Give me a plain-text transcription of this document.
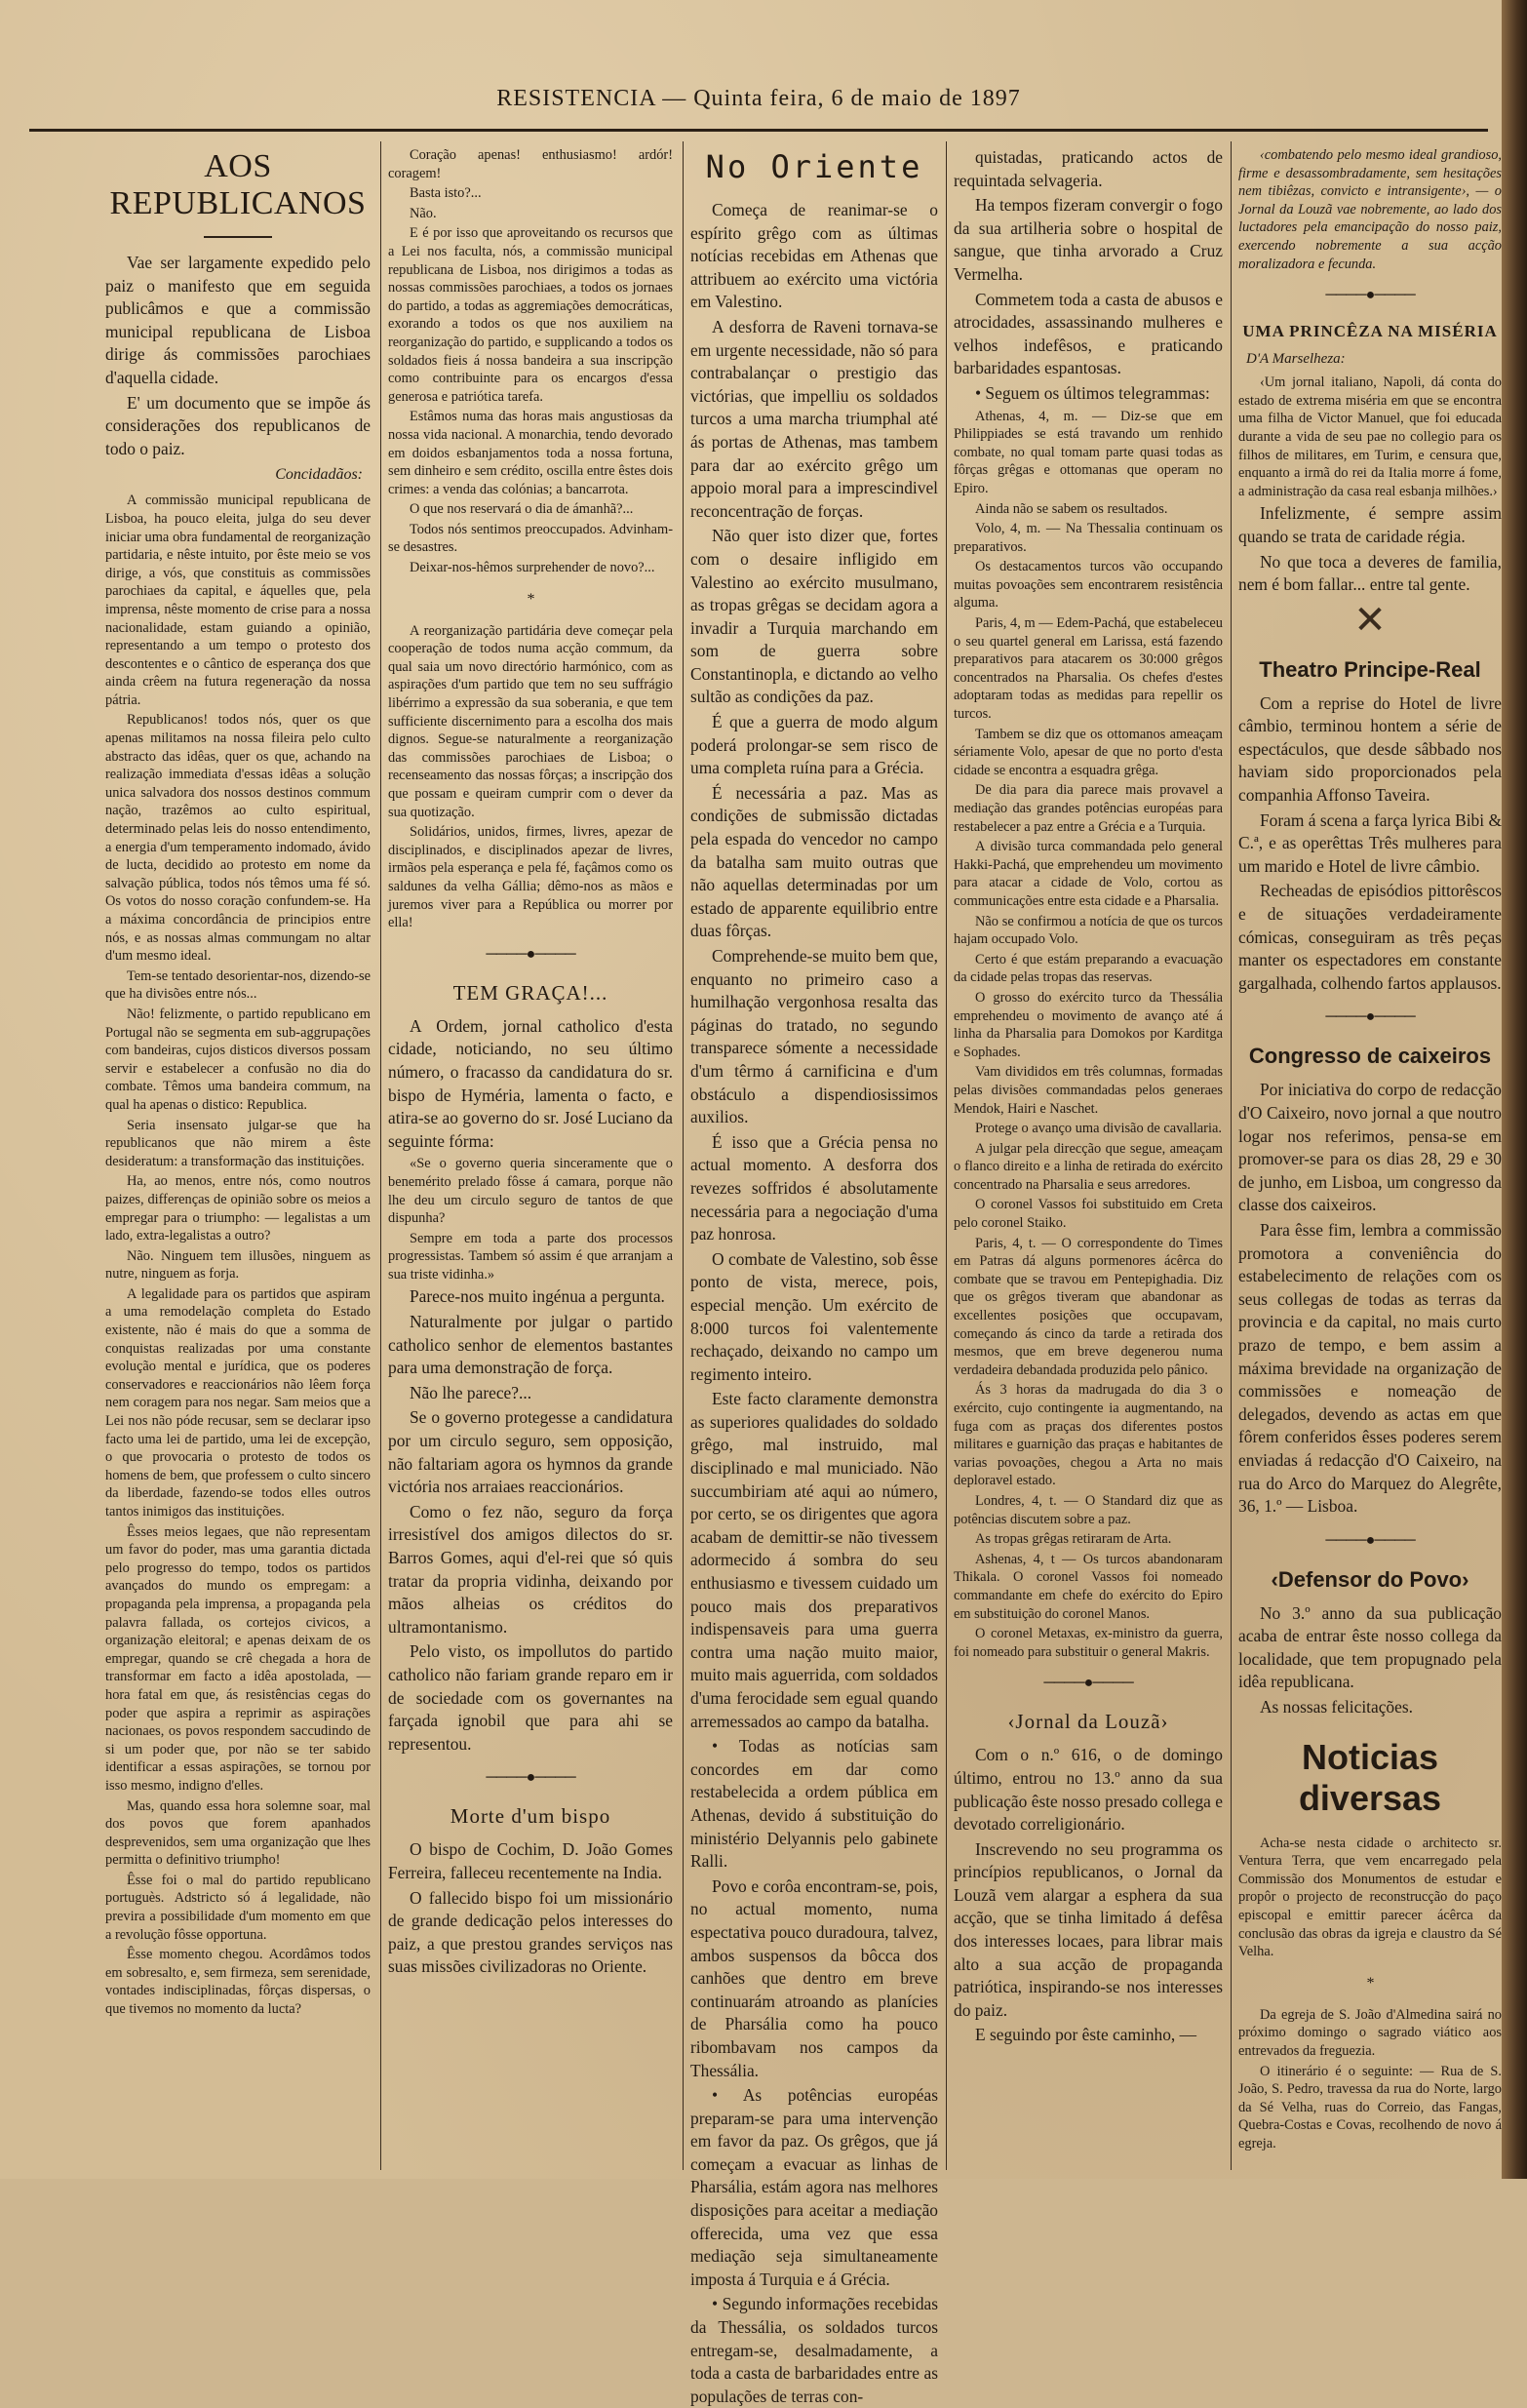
RESISTENCIA — Quinta feira, 6 de maio de 1897
AOS REPUBLICANOS

Vae ser largamente expedido pelo paiz o manifesto que em seguida publicâmos e que a commissão municipal republicana de Lisboa dirige ás commissões parochiaes d'aquella cidade.

E' um documento que se impõe ás considerações dos republicanos de todo o paiz.

Concidadãos:

A commissão municipal republicana de Lisboa, ha pouco eleita, julga do seu dever iniciar uma obra fundamental de reorganização partidaria, e nêste intuito, por êste meio se vos dirige, a vós, que constituis as commissões parochiaes da capital, e áquelles que, pela imprensa, nêste momento de crise para a nossa nacionalidade, estam guiando a opinião, representando a um tempo o protesto dos descontentes e o cântico de esperança dos que ainda crêem na futura regeneração da nossa pátria.

Republicanos! todos nós, quer os que apenas militamos na nossa fileira pelo culto abstracto das idêas, quer os que, achando na realização immediata d'essas idêas a solução unica salvadora dos nossos destinos commum nação, trazêmos ao culto espiritual, determinado pelas leis do nosso entendimento, a energia d'um temperamento indomado, ávido de lucta, decidido ao protesto em nome da salvação pública, todos nós têmos uma fé só. Os votos do nosso coração confundem-se. Ha a máxima concordância de principios entre nós, e as nossas almas commungam no altar d'um mesmo ideal.

Tem-se tentado desorientar-nos, dizendo-se que ha divisões entre nós...

Não! felizmente, o partido republicano em Portugal não se segmenta em sub-aggrupações com bandeiras, cujos disticos diversos possam servir e estabelecer a confusão no dia do combate. Têmos uma bandeira commum, na qual ha apenas o distico: Republica.

Seria insensato julgar-se que ha republicanos que não mirem a êste desideratum: a transformação das instituições.

Ha, ao menos, entre nós, como noutros paizes, differenças de opinião sobre os meios a empregar para o triumpho: — legalistas a um lado, extra-legalistas a outro?

Não. Ninguem tem illusões, ninguem as nutre, ninguem as forja.

A legalidade para os partidos que aspiram a uma remodelação completa do Estado existente, não é mais do que a somma de conquistas realizadas por uma constante evolução mental e jurídica, que os poderes conservadores e reaccionários não lêem força nem coragem para nos negar. Sam meios que a Lei nos não póde recusar, sem se declarar ipso facto uma lei de partido, uma lei de excepção, o que provocaria o protesto de todos os homens de bem, que professem o culto sincero da liberdade, fazendo-se todos elles outros tantos inimigos das instituições.

Êsses meios legaes, que não representam um favor do poder, mas uma garantia dictada pelo progresso do tempo, todos os partidos avançados do mundo os empregam: a propaganda pela imprensa, a propaganda pela palavra fallada, os cortejos civicos, a organização eleitoral; e apenas deixam de os empregar, quando se crê chegada a hora de transformar em facto a idêa apostolada, — hora fatal em que, ás resistências cegas do poder que aspira a reprimir as aspirações nacionaes, os povos respondem saccudindo de si um poder que, por não se ter sabido identificar a essas aspirações, se tornou por isso mesmo, indigno d'elles.

Mas, quando essa hora solemne soar, mal dos povos que forem apanhados desprevenidos, sem uma organização que lhes permitta o definitivo triumpho!

Êsse foi o mal do partido republicano portuguès. Adstricto só á legalidade, não previra a possibilidade d'um momento em que a revolução fôsse opportuna.

Êsse momento chegou. Acordâmos todos em sobresalto, e, sem firmeza, sem serenidade, vontades indisciplinadas, fôrças dispersas, o que tivemos no momento da lucta?

Coração apenas! enthusiasmo! ardór! coragem!

Basta isto?...

Não.

E é por isso que aproveitando os recursos que a Lei nos faculta, nós, a commissão municipal republicana de Lisboa, nos dirigimos a todas as nossas commissões parochiaes, a todos os jornaes do partido, a todas as aggremiações democráticas, exorando a todos os que nos auxiliem na reorganização do partido, e supplicando a todos os soldados fieis á nossa bandeira a sua inscripção como contribuinte para os encargos d'essa generosa e patriótica tarefa.

Estâmos numa das horas mais angustiosas da nossa vida nacional. A monarchia, tendo devorado em doidos esbanjamentos toda a nossa fortuna, sem dinheiro e sem crédito, oscilla entre êstes dois crimes: a venda das colónias; a bancarrota.

O que nos reservará o dia de ámanhã?...

Todos nós sentimos preoccupados. Advinham-se desastres.

Deixar-nos-hêmos surprehender de novo?...

*

A reorganização partidária deve começar pela cooperação de todos numa acção commum, da qual saia um novo directório harmónico, com as aspirações d'um partido que tem no seu suffrágio libérrimo a expressão da sua soberania, e que tem sufficiente discernimento para a escolha dos mais dignos. Segue-se naturalmente a reorganização das commissões parochiaes de Lisboa; o recenseamento das nossas fôrças; a inscripção dos que possam e queiram cumprir com o dever da sua quotização.

Solidários, unidos, firmes, livres, apezar de disciplinados, e disciplinados apezar de livres, irmãos pela esperança e pela fé, façâmos como os saldunes da velha Gállia; dêmo-nos as mãos e juremos viver para a República ou morrer por ella!

────●────
TEM GRAÇA!...

A Ordem, jornal catholico d'esta cidade, noticiando, no seu último número, o fracasso da candidatura do sr. bispo de Hyméria, lamenta o facto, e atira-se ao governo do sr. José Luciano da seguinte fórma:

«Se o governo queria sinceramente que o benemérito prelado fôsse á camara, porque não lhe deu um circulo seguro de tantos de que dispunha?

Sempre em toda a parte dos processos progressistas. Tambem só assim é que arranjam a sua triste vidinha.»

Parece-nos muito ingénua a pergunta.

Naturalmente por julgar o partido catholico senhor de elementos bastantes para uma demonstração de força.

Não lhe parece?...

Se o governo protegesse a candidatura por um circulo seguro, sem opposição, não faltariam agora os hymnos da grande victória nos arraiaes reaccionários.

Como o fez não, seguro da força irresistível dos amigos dilectos do sr. Barros Gomes, aqui d'el-rei que só quis tratar da propria vidinha, deixando por mãos alheias os créditos do ultramontanismo.

Pelo visto, os impollutos do partido catholico não fariam grande reparo em ir de sociedade com os governantes na farçada ignobil que para ahi se representou.

────●────
Morte d'um bispo

O bispo de Cochim, D. João Gomes Ferreira, falleceu recentemente na India.

O fallecido bispo foi um missionário de grande dedicação pelos interesses do paiz, a que prestou grandes serviços nas suas missões civilizadoras no Oriente.

No Oriente

Começa de reanimar-se o espírito grêgo com as últimas notícias recebidas em Athenas que attribuem ao exército uma victória em Valestino.

A desforra de Raveni tornava-se em urgente necessidade, não só para contrabalançar o prestigio das victórias, que impelliu os soldados turcos a uma marcha triumphal até ás portas de Athenas, mas tambem para dar ao exército grêgo um appoio moral para a imprescindivel reconcentração de forças.

Não quer isto dizer que, fortes com o desaire infligido em Valestino ao exército musulmano, as tropas grêgas se decidam agora a invadir a Turquia marchando em som de guerra sobre Constantinopla, e dictando ao velho sultão as condições da paz.

É que a guerra de modo algum poderá prolongar-se sem risco de uma completa ruína para a Grécia.

É necessária a paz. Mas as condições de submissão dictadas pela espada do vencedor no campo da batalha sam muito outras que não aquellas determinadas por um estado de apparente equilibrio entre duas fôrças.

Comprehende-se muito bem que, enquanto no primeiro caso a humilhação vergonhosa resalta das páginas do tratado, no segundo transparece sómente a necessidade d'um têrmo á carnificina e d'um obstáculo a dispendiosissimos auxilios.

É isso que a Grécia pensa no actual momento. A desforra dos revezes soffridos é absolutamente necessária para a negociação d'uma paz honrosa.

O combate de Valestino, sob êsse ponto de vista, merece, pois, especial menção. Um exército de 8:000 turcos foi valentemente rechaçado, deixando no campo um regimento inteiro.

Este facto claramente demonstra as superiores qualidades do soldado grêgo, mal instruido, mal disciplinado e mal municiado. Não succumbiriam até aqui ao número, por certo, se os dirigentes que agora acabam de demittir-se não tivessem adormecido á sombra do seu enthusiasmo e tivessem cuidado um pouco mais dos preparativos indispensaveis para uma guerra contra uma nação muito maior, muito mais aguerrida, com soldados d'uma ferocidade sem egual quando arremessados ao campo da batalha.

• Todas as notícias sam concordes em dar como restabelecida a ordem pública em Athenas, devido á substituição do ministério Delyannis pelo gabinete Ralli.

Povo e corôa encontram-se, pois, no actual momento, numa espectativa pouco duradoura, talvez, ambos suspensos da bôcca dos canhões que dentro em breve continuarám atroando as planícies de Pharsália como ha pouco ribombavam nos campos da Thessália.

• As potências européas preparam-se para uma intervenção em favor da paz. Os grêgos, que já começam a evacuar as linhas de Pharsália, estám agora nas melhores disposições para aceitar a mediação offerecida, uma vez que essa mediação seja simultaneamente imposta á Turquia e á Grécia.

• Segundo informações recebidas da Thessália, os soldados turcos entregam-se, desalmadamente, a toda a casta de barbaridades entre as populações de terras con-

quistadas, praticando actos de requintada selvageria.

Ha tempos fizeram convergir o fogo da sua artilheria sobre o hospital de sangue, que tinha arvorado a Cruz Vermelha.

Commetem toda a casta de abusos e atrocidades, assassinando mulheres e velhos indefêsos, e praticando barbaridades espantosas.

• Seguem os últimos telegrammas:

Athenas, 4, m. — Diz-se que em Philippiades se está travando um renhido combate, no qual tomam parte quasi todas as fôrças grêgas e ottomanas que operam no Epiro.

Ainda não se sabem os resultados.

Volo, 4, m. — Na Thessalia continuam os preparativos.

Os destacamentos turcos vão occupando muitas povoações sem encontrarem resistência alguma.

Paris, 4, m — Edem-Pachá, que estabeleceu o seu quartel general em Larissa, está fazendo preparativos para atacarem os 30:000 grêgos concentrados na Pharsalia. Os chefes d'estes adoptaram todas as medidas para repellir os turcos.

Tambem se diz que os ottomanos ameaçam sériamente Volo, apesar de que no porto d'esta cidade se encontra a esquadra grêga.

De dia para dia parece mais provavel a mediação das grandes potências européas para restabelecer a paz entre a Grécia e a Turquia.

A divisão turca commandada pelo general Hakki-Pachá, que emprehendeu um movimento para atacar a cidade de Volo, cortou as communicações entre esta cidade e a Pharsalia.

Não se confirmou a notícia de que os turcos hajam occupado Volo.

Certo é que estám preparando a evacuação da cidade pelas tropas das reservas.

O grosso do exército turco da Thessália emprehendeu o movimento de avanço até á linha da Pharsalia para Domokos por Karditga e Sophades.

Vam divididos em três columnas, formadas pelas divisões commandadas pelos generaes Mendok, Hairi e Naschet.

Protege o avanço uma divisão de cavallaria.

A julgar pela direcção que segue, ameaçam o flanco direito e a linha de retirada do exército concentrado na Pharsalia e seus arredores.

O coronel Vassos foi substituido em Creta pelo coronel Staiko.

Paris, 4, t. — O correspondente do Times em Patras dá alguns pormenores ácêrca do combate que se travou em Pentepighadia. Diz que os grêgos tiveram que abandonar as excellentes posições que occupavam, começando ás cinco da tarde a retirada dos mesmos, que em breve degenerou numa verdadeira debandada produzida pelo pânico.

Ás 3 horas da madrugada do dia 3 o exército, cujo contingente ia augmentando, na fuga com as praças dos diferentes postos militares e guarnição das praças e habitantes de varias povoações, chegou a Arta no mais deploravel estado.

Londres, 4, t. — O Standard diz que as potências discutem sobre a paz.

As tropas grêgas retiraram de Arta.

Ashenas, 4, t — Os turcos abandonaram Thikala. O coronel Vassos foi nomeado commandante em chefe do exército do Epiro em substituição do coronel Manos.

O coronel Metaxas, ex-ministro da guerra, foi nomeado para substituir o general Makris.

────●────
‹Jornal da Louzã›

Com o n.º 616, o de domingo último, entrou no 13.º anno da sua publicação êste nosso presado collega e devotado correligionário.

Inscrevendo no seu programma os princípios republicanos, o Jornal da Louzã vem alargar a esphera da sua acção, que se tinha limitado á defêsa dos interesses locaes, para librar mais alto a sua acção de propaganda patriótica, inspirando-se nos interesses do paiz.

E seguindo por êste caminho, —

‹combatendo pelo mesmo ideal grandioso, firme e desassombradamente, sem hesitações nem tibiêzas, convicto e intransigente›, — o Jornal da Louzã vae nobremente, ao lado dos luctadores pela emancipação do nosso paiz, exercendo nobremente a sua acção moralizadora e fecunda.

────●────
UMA PRINCÊZA NA MISÉRIA
D'A Marselheza:

‹Um jornal italiano, Napoli, dá conta do estado de extrema miséria em que se encontra uma filha de Victor Manuel, que foi educada durante a vida de seu pae no collegio para os filhos de militares, em Turim, e censura que, enquanto a irmã do rei da Italia morre á fome, a administração da casa real esbanja milhões.›

Infelizmente, é sempre assim quando se trata de caridade régia.

No que toca a deveres de familia, nem é bom fallar... entre tal gente.

✕
Theatro Principe-Real

Com a reprise do Hotel de livre câmbio, terminou hontem a série de espectáculos, que desde sâbbado nos haviam sido proporcionados pela companhia Affonso Taveira.

Foram á scena a farça lyrica Bibi & C.ª, e as operêttas Três mulheres para um marido e Hotel de livre câmbio.

Recheadas de episódios pittorêscos e de situações verdadeiramente cómicas, conseguiram as três peças manter os espectadores em constante gargalhada, colhendo fartos applausos.

────●────
Congresso de caixeiros

Por iniciativa do corpo de redacção d'O Caixeiro, novo jornal a que noutro logar nos referimos, pensa-se em promover-se para os dias 28, 29 e 30 de junho, em Lisboa, um congresso da classe dos caixeiros.

Para êsse fim, lembra a commissão promotora a conveniência do estabelecimento de relações com os seus collegas de todas as terras da provincia e da capital, no mais curto prazo de tempo, e bem assim a máxima brevidade na organização de commissões e nomeação de delegados, devendo as actas em que fôrem conferidos êsses poderes serem enviadas á redacção d'O Caixeiro, na rua do Arco do Marquez do Alegrête, 36, 1.º — Lisboa.

────●────
‹Defensor do Povo›

No 3.º anno da sua publicação acaba de entrar êste nosso collega da localidade, que tem propugnado pela idêa republicana.

As nossas felicitações.

Noticias diversas

Acha-se nesta cidade o architecto sr. Ventura Terra, que vem encarregado pela Commissão dos Monumentos de estudar e propôr o projecto de reconstrucção do paço episcopal e emittir parecer ácêrca da conclusão das obras da igreja e claustro da Sé Velha.

*

Da egreja de S. João d'Almedina sairá no próximo domingo o sagrado viático aos entrevados da freguezia.

O itinerário é o seguinte: — Rua de S. João, S. Pedro, travessa da rua do Norte, largo da Sé Velha, ruas do Correio, das Fangas, Quebra-Costas e Covas, recolhendo de novo á egreja.
